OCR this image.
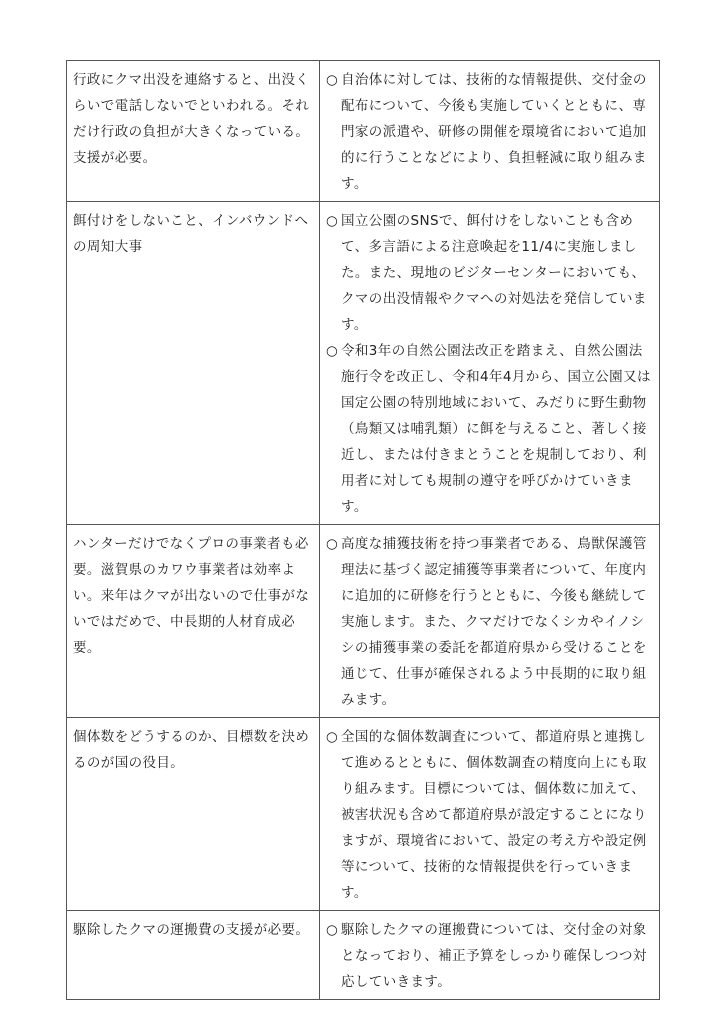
行政にクマ出没を連絡すると、出没くらいで電話しないでといわれる。それだけ行政の負担が大きくなっている。支援が必要。	○ 自治体に対しては、技術的な情報提供、交付金の配布について、今後も実施していくとともに、専門家の派遣や、研修の開催を環境省において追加的に行うことなどにより、負担軽減に取り組みます。

餌付けをしないこと、インバウンドへの周知大事	○ 国立公園のSNSで、餌付けをしないことも含めて、多言語による注意喚起を11/4に実施しました。また、現地のビジターセンターにおいても、クマの出没情報やクマへの対処法を発信しています。
○ 令和3年の自然公園法改正を踏まえ、自然公園法施行令を改正し、令和4年4月から、国立公園又は国定公園の特別地域において、みだりに野生動物（鳥類又は哺乳類）に餌を与えること、著しく接近し、または付きまとうことを規制しており、利用者に対しても規制の遵守を呼びかけていきます。

ハンターだけでなくプロの事業者も必要。滋賀県のカワウ事業者は効率よい。来年はクマが出ないので仕事がないではだめで、中長期的人材育成必要。	○ 高度な捕獲技術を持つ事業者である、鳥獣保護管理法に基づく認定捕獲等事業者について、年度内に追加的に研修を行うとともに、今後も継続して実施します。また、クマだけでなくシカやイノシシの捕獲事業の委託を都道府県から受けることを通じて、仕事が確保されるよう中長期的に取り組みます。

個体数をどうするのか、目標数を決めるのが国の役目。	○ 全国的な個体数調査について、都道府県と連携して進めるとともに、個体数調査の精度向上にも取り組みます。目標については、個体数に加えて、被害状況も含めて都道府県が設定することになりますが、環境省において、設定の考え方や設定例等について、技術的な情報提供を行っていきます。

駆除したクマの運搬費の支援が必要。	○ 駆除したクマの運搬費については、交付金の対象となっており、補正予算をしっかり確保しつつ対応していきます。
